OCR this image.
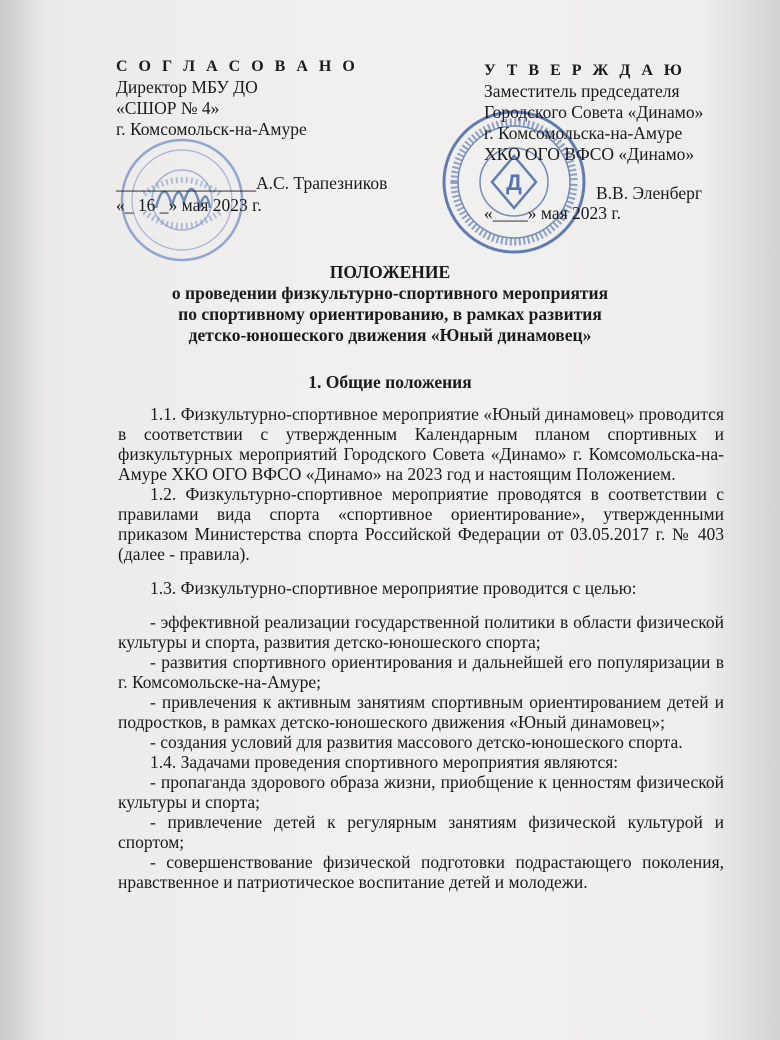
Д
С О Г Л А С О В А Н О
Директор МБУ ДО
«СШОР № 4»
г. Комсомольск-на-Амуре
________________А.С. Трапезников
«_ 16 _» мая 2023 г.
У Т В Е Р Ж Д А Ю
Заместитель председателя
Городского Совета «Динамо»
г. Комсомольска-на-Амуре
ХКО ОГО ВФСО «Динамо»
В.В. Эленберг
«____» мая 2023 г.
ПОЛОЖЕНИЕ
о проведении физкультурно-спортивного мероприятия
по спортивному ориентированию, в рамках развития
детско-юношеского движения «Юный динамовец»
1. Общие положения

1.1. Физкультурно-спортивное мероприятие «Юный динамовец» проводится в соответствии с утвержденным Календарным планом спортивных и физкультурных мероприятий Городского Совета «Динамо» г. Комсомольска-на-Амуре ХКО ОГО ВФСО «Динамо» на 2023 год и настоящим Положением.

1.2. Физкультурно-спортивное мероприятие проводятся в соответствии с правилами вида спорта «спортивное ориентирование», утвержденными приказом Министерства спорта Российской Федерации от 03.05.2017 г. № 403 (далее - правила).

1.3. Физкультурно-спортивное мероприятие проводится с целью:

- эффективной реализации государственной политики в области физической культуры и спорта, развития детско-юношеского спорта;

- развития спортивного ориентирования и дальнейшей его популяризации в г. Комсомольске-на-Амуре;

- привлечения к активным занятиям спортивным ориентированием детей и подростков, в рамках детско-юношеского движения «Юный динамовец»;

- создания условий для развития массового детско-юношеского спорта.

1.4. Задачами проведения спортивного мероприятия являются:

- пропаганда здорового образа жизни, приобщение к ценностям физической культуры и спорта;

- привлечение детей к регулярным занятиям физической культурой и спортом;

- совершенствование физической подготовки подрастающего поколения, нравственное и патриотическое воспитание детей и молодежи.
